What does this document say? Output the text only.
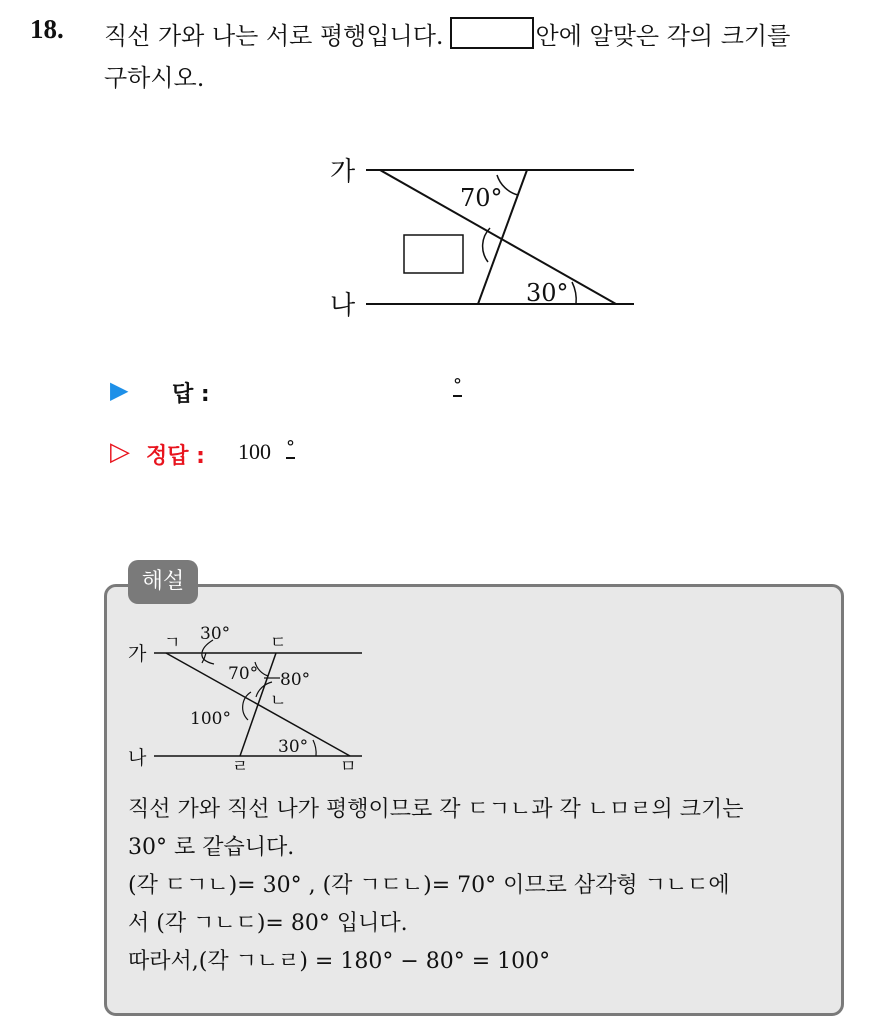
18. 직선 가와 나는 서로 평행입니다.	안에 알맞은 각의 크기를
구하시오.
가
나
70°
30°
▶ 답 :	°
▷ 정답 : 100 °
해설
가
나
ㄱ	ㄷ
ㄴ
ㄹ	ㅁ
30°
70° 80°
100°
30°
직선 가와 직선 나가 평행이므로 각 ㄷㄱㄴ과 각 ㄴㅁㄹ의 크기는
30° 로 같습니다.
(각 ㄷㄱㄴ)= 30° , (각 ㄱㄷㄴ)= 70° 이므로 삼각형 ㄱㄴㄷ에
서 (각 ㄱㄴㄷ)= 80° 입니다.
따라서,(각 ㄱㄴㄹ) = 180° − 80° = 100°
